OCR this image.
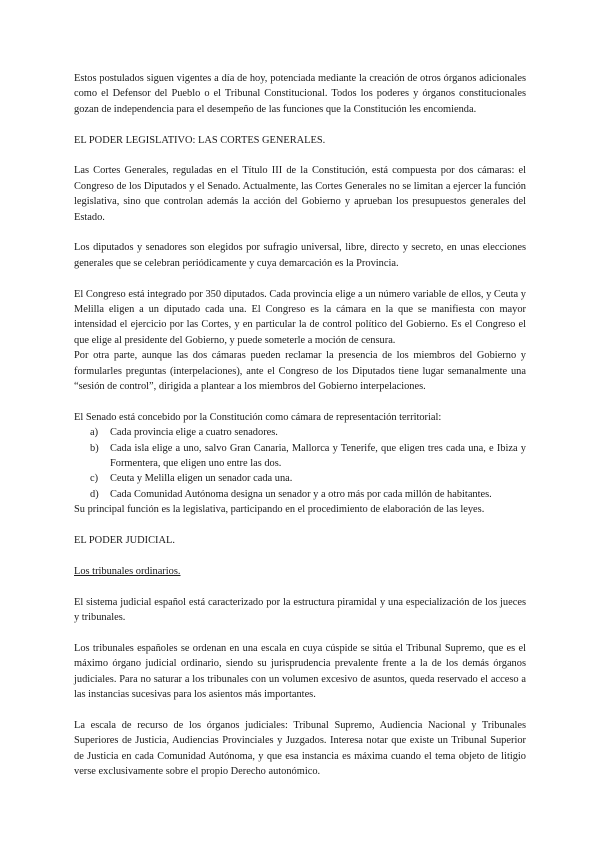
Estos postulados siguen vigentes a día de hoy, potenciada mediante la creación de otros órganos adicionales como el Defensor del Pueblo o el Tribunal Constitucional. Todos los poderes y órganos constitucionales gozan de independencia para el desempeño de las funciones que la Constitución les encomienda.

EL PODER LEGISLATIVO: LAS CORTES GENERALES.

Las Cortes Generales, reguladas en el Título III de la Constitución, está compuesta por dos cámaras: el Congreso de los Diputados y el Senado. Actualmente, las Cortes Generales no se limitan a ejercer la función legislativa, sino que controlan además la acción del Gobierno y aprueban los presupuestos generales del Estado.

Los diputados y senadores son elegidos por sufragio universal, libre, directo y secreto, en unas elecciones generales que se celebran periódicamente y cuya demarcación es la Provincia.

El Congreso está integrado por 350 diputados. Cada provincia elige a un número variable de ellos, y Ceuta y Melilla eligen a un diputado cada una. El Congreso es la cámara en la que se manifiesta con mayor intensidad el ejercicio por las Cortes, y en particular la de control político del Gobierno. Es el Congreso el que elige al presidente del Gobierno, y puede someterle a moción de censura.

Por otra parte, aunque las dos cámaras pueden reclamar la presencia de los miembros del Gobierno y formularles preguntas (interpelaciones), ante el Congreso de los Diputados tiene lugar semanalmente una “sesión de control”, dirigida a plantear a los miembros del Gobierno interpelaciones.

El Senado está concebido por la Constitución como cámara de representación territorial:

a)	Cada provincia elige a cuatro senadores.
b)	Cada isla elige a uno, salvo Gran Canaria, Mallorca y Tenerife, que eligen tres cada una, e Ibiza y Formentera, que eligen uno entre las dos.
c)	Ceuta y Melilla eligen un senador cada una.
d)	Cada Comunidad Autónoma designa un senador y a otro más por cada millón de habitantes.

Su principal función es la legislativa, participando en el procedimiento de elaboración de las leyes.

EL PODER JUDICIAL.

Los tribunales ordinarios.

El sistema judicial español está caracterizado por la estructura piramidal y una especialización de los jueces y tribunales.

Los tribunales españoles se ordenan en una escala en cuya cúspide se sitúa el Tribunal Supremo, que es el máximo órgano judicial ordinario, siendo su jurisprudencia prevalente frente a la de los demás órganos judiciales. Para no saturar a los tribunales con un volumen excesivo de asuntos, queda reservado el acceso a las instancias sucesivas para los asientos más importantes.

La escala de recurso de los órganos judiciales: Tribunal Supremo, Audiencia Nacional y Tribunales Superiores de Justicia, Audiencias Provinciales y Juzgados. Interesa notar que existe un Tribunal Superior de Justicia en cada Comunidad Autónoma, y que esa instancia es máxima cuando el tema objeto de litigio verse exclusivamente sobre el propio Derecho autonómico.
